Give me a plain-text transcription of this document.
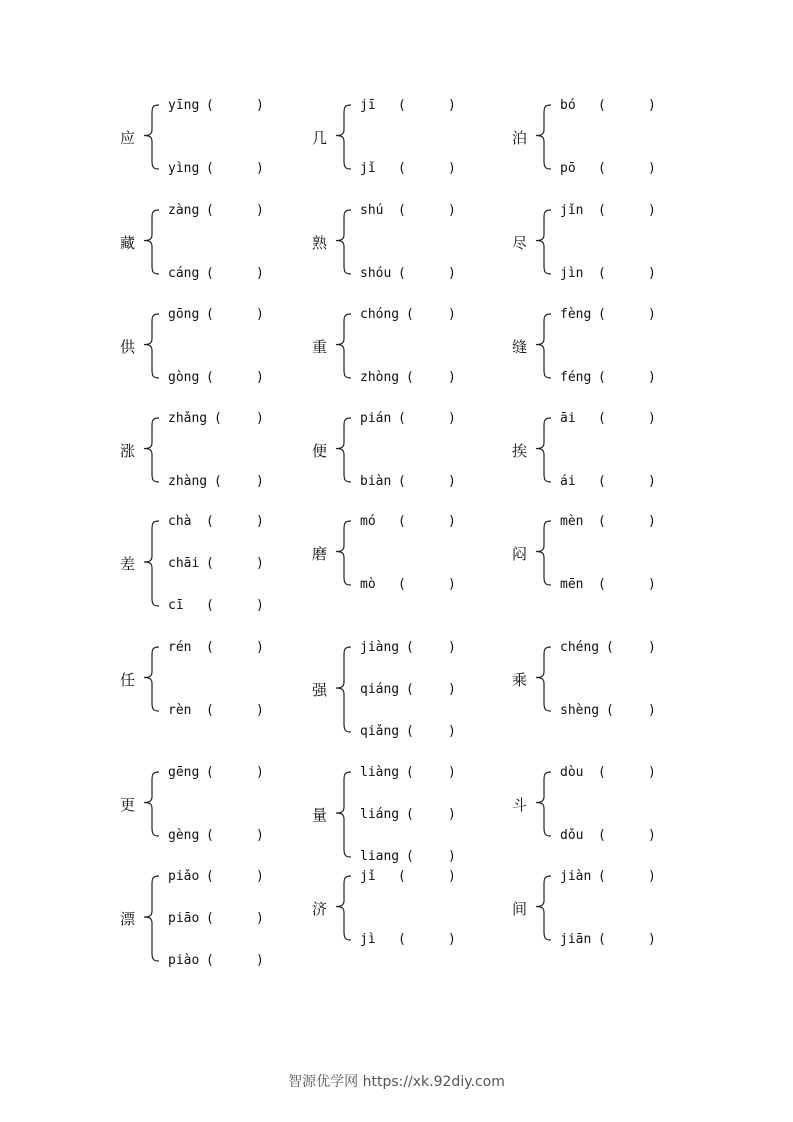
应
yīng (	)
yìng (	)
几
jī (	)
jǐ (	)
泊
bó (	)
pō (	)
藏
zàng (	)
cáng (	)
熟
shú (	)
shóu (	)
尽
jǐn (	)
jìn (	)
供
gōng (	)
gòng (	)
重
chóng (	)
zhòng (	)
缝
fèng (	)
féng (	)
涨
zhǎng (	)
zhàng (	)
便
pián (	)
biàn (	)
挨
āi (	)
ái (	)
差
chà (	)
chāi (	)
cī (	)
磨
mó (	)
mò (	)
闷
mèn (	)
mēn (	)
任
rén (	)
rèn (	)
强
jiàng (	)
qiáng (	)
qiǎng (	)
乘
chéng (	)
shèng (	)
更
gēng (	)
gèng (	)
量
liàng (	)
liáng (	)
liang (	)
斗
dòu (	)
dǒu (	)
漂
piǎo (	)
piāo (	)
piào (	)
济
jǐ (	)
jì (	)
间
jiàn (	)
jiān (	)
智源优学网 https://xk.92diy.com
